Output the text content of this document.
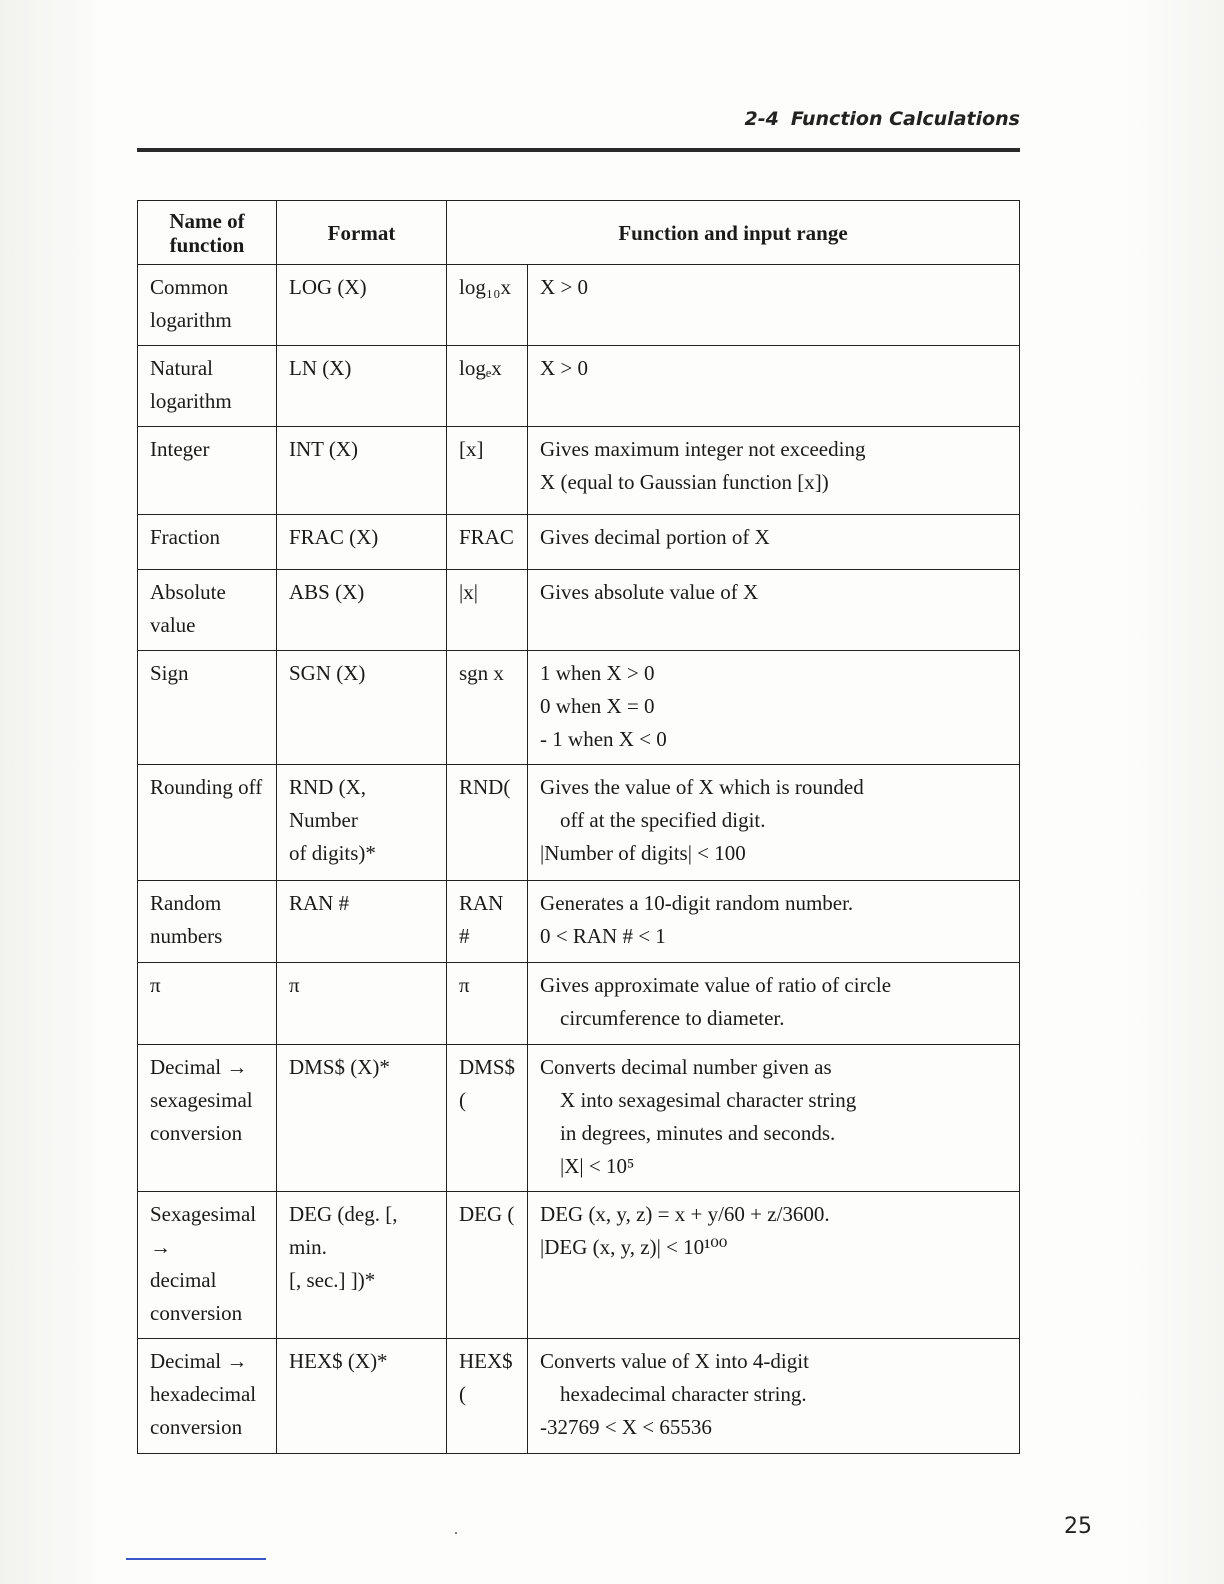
2-4 Function Calculations
Name of
function	Format	Function and input range	

Common
logarithm	LOG (X)	log₁₀x	X > 0

Natural
logarithm	LN (X)	logₑx	X > 0

Integer	INT (X)	[x]	Gives maximum integer not exceeding
X (equal to Gaussian function [x])

Fraction	FRAC (X)	FRAC	Gives decimal portion of X

Absolute
value	ABS (X)	|x|	Gives absolute value of X

Sign	SGN (X)	sgn x	1 when X > 0
0 when X = 0
- 1 when X < 0

Rounding off	RND (X, Number
of digits)*	RND(	Gives the value of X which is rounded
off at the specified digit.
|Number of digits| < 100

Random
numbers	RAN #	RAN #	Generates a 10-digit random number.
0 < RAN # < 1

π	π	π	Gives approximate value of ratio of circle
circumference to diameter.

Decimal →
sexagesimal
conversion	DMS$ (X)*	DMS$ (	Converts decimal number given as
X into sexagesimal character string
in degrees, minutes and seconds.
|X| < 10⁵

Sexagesimal →
decimal
conversion	DEG (deg. [, min.
[, sec.] ])*	DEG (	DEG (x, y, z) = x + y/60 + z/3600.
|DEG (x, y, z)| < 10¹⁰⁰

Decimal →
hexadecimal
conversion	HEX$ (X)*	HEX$ (	Converts value of X into 4-digit
hexadecimal character string.
-32769 < X < 65536
25
